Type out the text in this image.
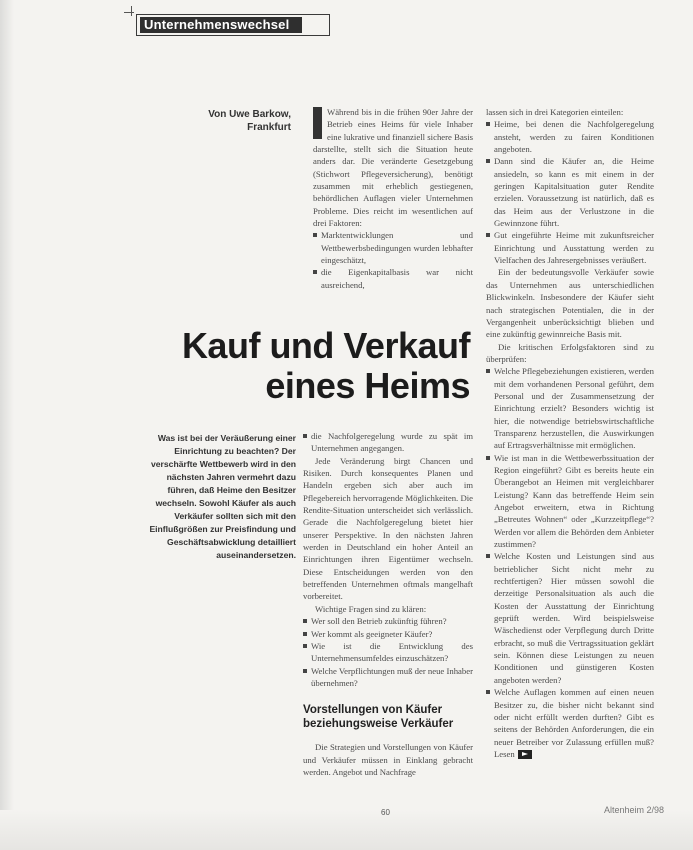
Unternehmenswechsel
Von Uwe Barkow,
Frankfurt
Kauf und Verkauf
eines Heims
Was ist bei der Veräußerung einer Einrichtung zu beachten? Der verschärfte Wettbewerb wird in den nächsten Jahren vermehrt dazu führen, daß Heime den Besitzer wechseln. Sowohl Käufer als auch Verkäufer sollten sich mit den Einflußgrößen zur Preisfindung und Geschäftsabwicklung detailliert auseinandersetzen.

Während bis in die frühen 90er Jahre der Betrieb eines Heims für viele Inhaber eine lukrative und finanziell sichere Basis darstellte, stellt sich die Situation heute anders dar. Die veränderte Gesetzgebung (Stichwort Pflegeversicherung), benötigt zusammen mit erheblich gestiegenen, behördlichen Auflagen vieler Unternehmen Probleme. Dies reicht im wesentlichen auf drei Faktoren:

Marktentwicklungen und Wettbewerbsbedingungen wurden lebhafter eingeschätzt,
die Eigenkapitalbasis war nicht ausreichend,
die Nachfolgeregelung wurde zu spät im Unternehmen angegangen.

Jede Veränderung birgt Chancen und Risiken. Durch konsequentes Planen und Handeln ergeben sich aber auch im Pflegebereich hervorragende Möglichkeiten. Die Rendite-Situation unterscheidet sich verlässlich. Gerade die Nachfolgeregelung bietet hier unserer Perspektive. In den nächsten Jahren werden in Deutschland ein hoher Anteil an Einrichtungen ihren Eigentümer wechseln. Diese Entscheidungen werden von den betreffenden Unternehmen oftmals mangelhaft vorbereitet.

Wichtige Fragen sind zu klären:

Wer soll den Betrieb zukünftig führen?
Wer kommt als geeigneter Käufer?
Wie ist die Entwicklung des Unternehmensumfeldes einzuschätzen?
Welche Verpflichtungen muß der neue Inhaber übernehmen?
Vorstellungen von Käufer beziehungsweise Verkäufer

Die Strategien und Vorstellungen von Käufer und Verkäufer müssen in Einklang gebracht werden. Angebot und Nachfrage

lassen sich in drei Kategorien einteilen:

Heime, bei denen die Nachfolgeregelung ansteht, werden zu fairen Konditionen angeboten.
Dann sind die Käufer an, die Heime ansiedeln, so kann es mit einem in der geringen Kapitalsituation guter Rendite erzielen. Voraussetzung ist natürlich, daß es das Heim aus der Verlustzone in die Gewinnzone führt.
Gut eingeführte Heime mit zukunftsreicher Einrichtung und Ausstattung werden zu Vielfachen des Jahresergebnisses veräußert.

Ein der bedeutungsvolle Verkäufer sowie das Unternehmen aus unterschiedlichen Blickwinkeln. Insbesondere der Käufer sieht nach strategischen Potentialen, die in der Vergangenheit unberücksichtigt blieben und eine zukünftig gewinnreiche Basis mit.

Die kritischen Erfolgsfaktoren sind zu überprüfen:

Welche Pflegebeziehungen existieren, werden mit dem vorhandenen Personal geführt, dem Personal und der Zusammensetzung der Einrichtung erzielt? Besonders wichtig ist hier, die notwendige betriebswirtschaftliche Transparenz herzustellen, die Auswirkungen auf Ertragsverhältnisse mit ermöglichen.
Wie ist man in die Wettbewerbssituation der Region eingeführt? Gibt es bereits heute ein Überangebot an Heimen mit vergleichbarer Leistung? Kann das betreffende Heim sein Angebot erweitern, etwa in Richtung „Betreutes Wohnen“ oder „Kurzzeitpflege“? Werden vor allem die Behörden dem Anbieter zustimmen?
Welche Kosten und Leistungen sind aus betrieblicher Sicht nicht mehr zu rechtfertigen? Hier müssen sowohl die derzeitige Personalsituation als auch die Kosten der Ausstattung der Einrichtung geprüft werden. Wird beispielsweise Wäschedienst oder Verpflegung durch Dritte erbracht, so muß die Vertragssituation geklärt sein. Können diese Leistungen zu neuen Konditionen und günstigeren Kosten angeboten werden?
Welche Auflagen kommen auf einen neuen Besitzer zu, die bisher nicht bekannt sind oder nicht erfüllt werden durften? Gibt es seitens der Behörden Anforderungen, die ein neuer Betreiber vor Zulassung erfüllen muß? Lesen
60	Altenheim 2/98
